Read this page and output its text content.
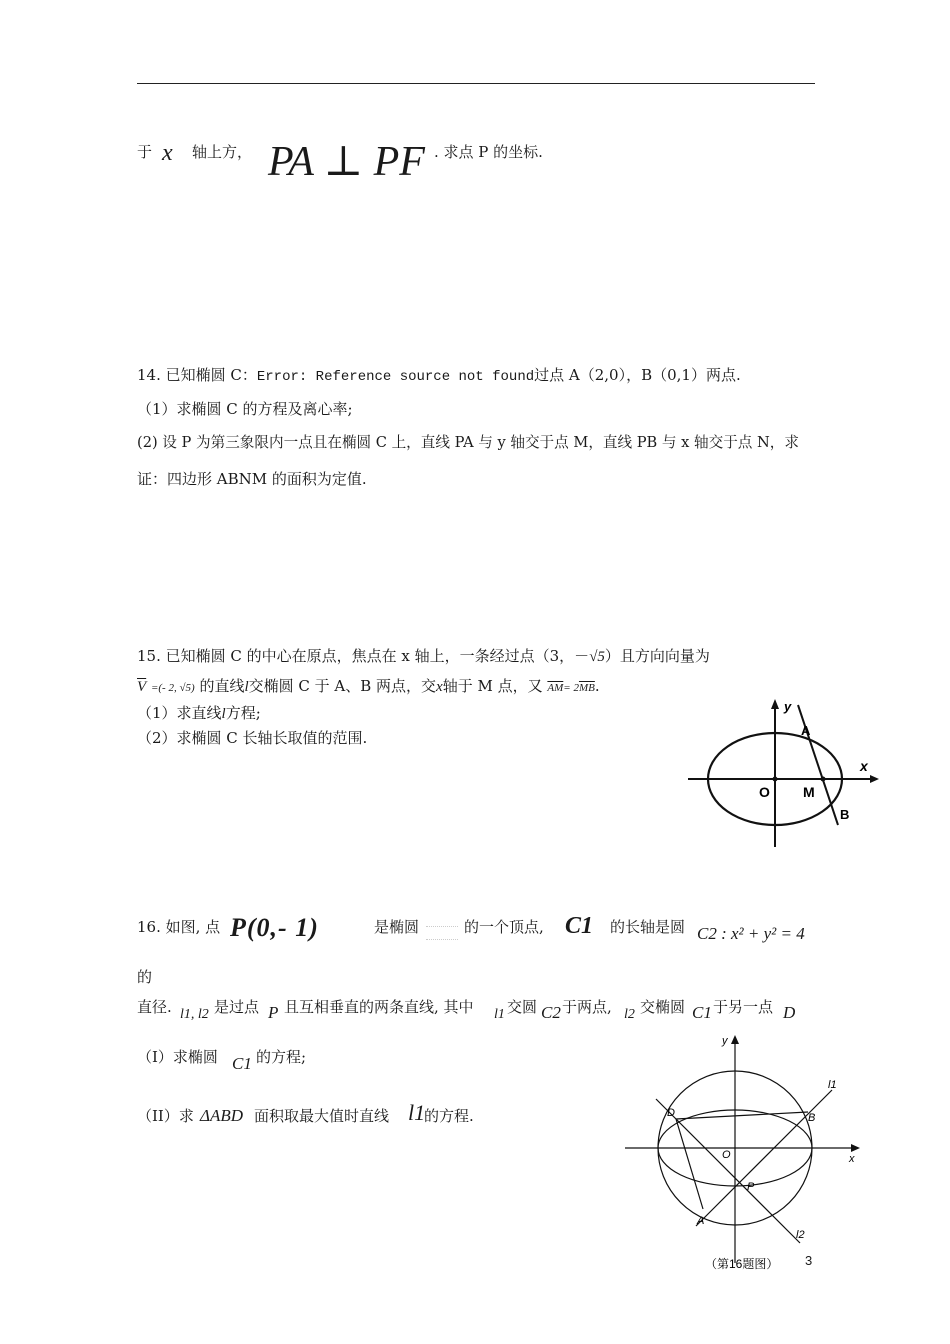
于 x 轴上方， PA ⊥ PF . 求点 P 的坐标.
14. 已知椭圆 C：Error: Reference source not found过点 A（2,0），B（0,1）两点.
（1）求椭圆 C 的方程及离心率;
(2) 设 P 为第三象限内一点且在椭圆 C 上，直线 PA 与 y 轴交于点 M，直线 PB 与 x 轴交于点 N，求
证：四边形 ABNM 的面积为定值.
15. 已知椭圆 C 的中心在原点，焦点在 x 轴上，一条经过点（3，－√5）且方向向量为
$\overline{V}$ =(- 2, √5) 的直线l交椭圆 C 于 A、B 两点，交x轴于 M 点，又 $\overline{AM}= 2\overline{MB}$.
（1）求直线l方程;
（2）求椭圆 C 长轴长取值的范围.
y
x
O M
A
B
16. 如图, 点 P(0,- 1)	是椭圆	的一个顶点, C1 的长轴是圆 C2 : x² + y² = 4
的
直径. l1, l2 是过点 P 且互相垂直的两条直线, 其中 l1 交圆 C2 于两点, l2 交椭圆 C1 于另一点 D
（I）求椭圆 C1 的方程;
（II）求 ΔABD 面积取最大值时直线 l1
的方程.
l1
y
x
O
D	B
P
A
l2
（第16题图） 3
